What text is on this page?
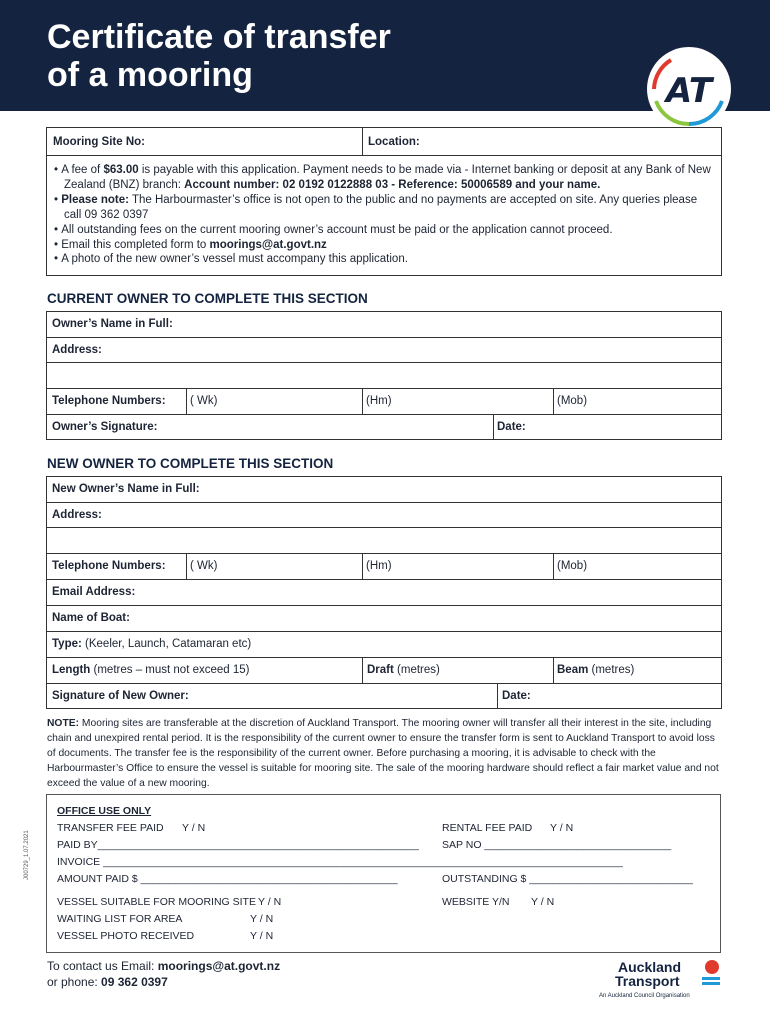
Certificate of transfer
of a mooring	AT
Mooring Site No:	Location:
• A fee of $63.00 is payable with this application. Payment needs to be made via - Internet banking or deposit at any Bank of New Zealand (BNZ) branch: Account number: 02 0192 0122888 03 - Reference: 50006589 and your name.
• Please note: The Harbourmaster’s office is not open to the public and no payments are accepted on site. Any queries please call 09 362 0397
• All outstanding fees on the current mooring owner’s account must be paid or the application cannot proceed.
• Email this completed form to moorings@at.govt.nz
• A photo of the new owner’s vessel must accompany this application.
CURRENT OWNER TO COMPLETE THIS SECTION
Owner’s Name in Full:
Address:
Telephone Numbers: ( Wk)	(Hm)	(Mob)
Owner’s Signature:	Date:
NEW OWNER TO COMPLETE THIS SECTION
New Owner’s Name in Full:
Address:
Telephone Numbers: ( Wk)	(Hm)	(Mob)
Email Address:
Name of Boat:
Type: (Keeler, Launch, Catamaran etc)
Length (metres – must not exceed 15)	Draft (metres)	Beam (metres)
Signature of New Owner:	Date:
NOTE: Mooring sites are transferable at the discretion of Auckland Transport. The mooring owner will transfer all their interest in the site, including chain and unexpired rental period. It is the responsibility of the current owner to ensure the transfer form is sent to Auckland Transport to avoid loss of documents. The transfer fee is the responsibility of the current owner. Before purchasing a mooring, it is advisable to check with the Harbourmaster’s Office to ensure the vessel is suitable for mooring site. The sale of the mooring hardware should reflect a fair market value and not exceed the value of a new mooring.
OFFICE USE ONLY
TRANSFER FEE PAID Y / N	RENTAL FEE PAID Y / N
PAID BY_______________________________________________________ SAP NO ________________________________
INVOICE _________________________________________________________________________________________
AMOUNT PAID $ ____________________________________________	OUTSTANDING $ ____________________________
VESSEL SUITABLE FOR MOORING SITE Y / N	WEBSITE Y/N Y / N
WAITING LIST FOR AREA	Y / N
VESSEL PHOTO RECEIVED	Y / N
J00729_1.07.2021
To contact us Email: moorings@at.govt.nz
or phone: 09 362 0397
Auckland
Transport
An Auckland Council Organisation
